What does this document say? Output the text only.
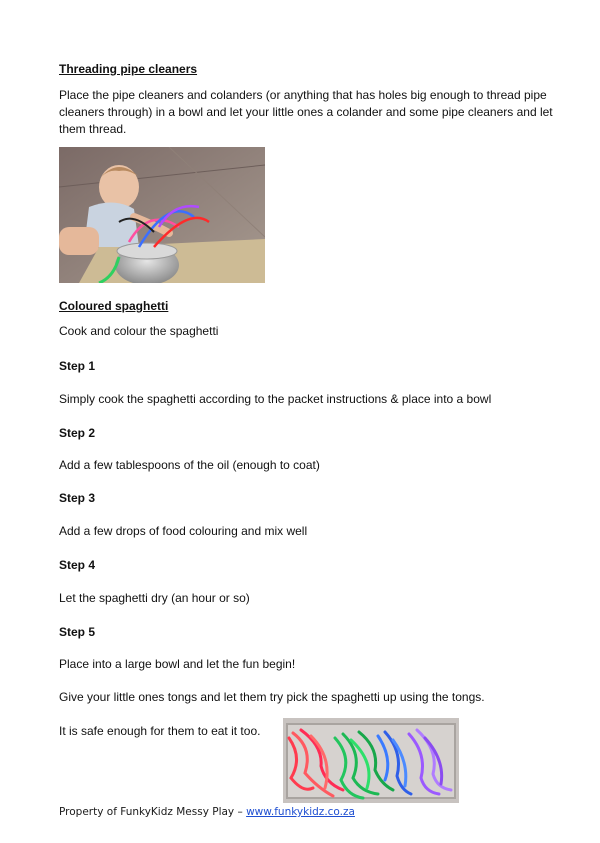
Threading pipe cleaners
Place the pipe cleaners and colanders (or anything that has holes big enough to thread pipe cleaners through) in a bowl and let your little ones a colander and some pipe cleaners and let them thread.
Coloured spaghetti
Cook and colour the spaghetti
Step 1
Simply cook the spaghetti according to the packet instructions & place into a bowl
Step 2
Add a few tablespoons of the oil (enough to coat)
Step 3
Add a few drops of food colouring and mix well
Step 4
Let the spaghetti dry (an hour or so)
Step 5
Place into a large bowl and let the fun begin!
Give your little ones tongs and let them try pick the spaghetti up using the tongs.
It is safe enough for them to eat it too.
Property of FunkyKidz Messy Play – www.funkykidz.co.za
